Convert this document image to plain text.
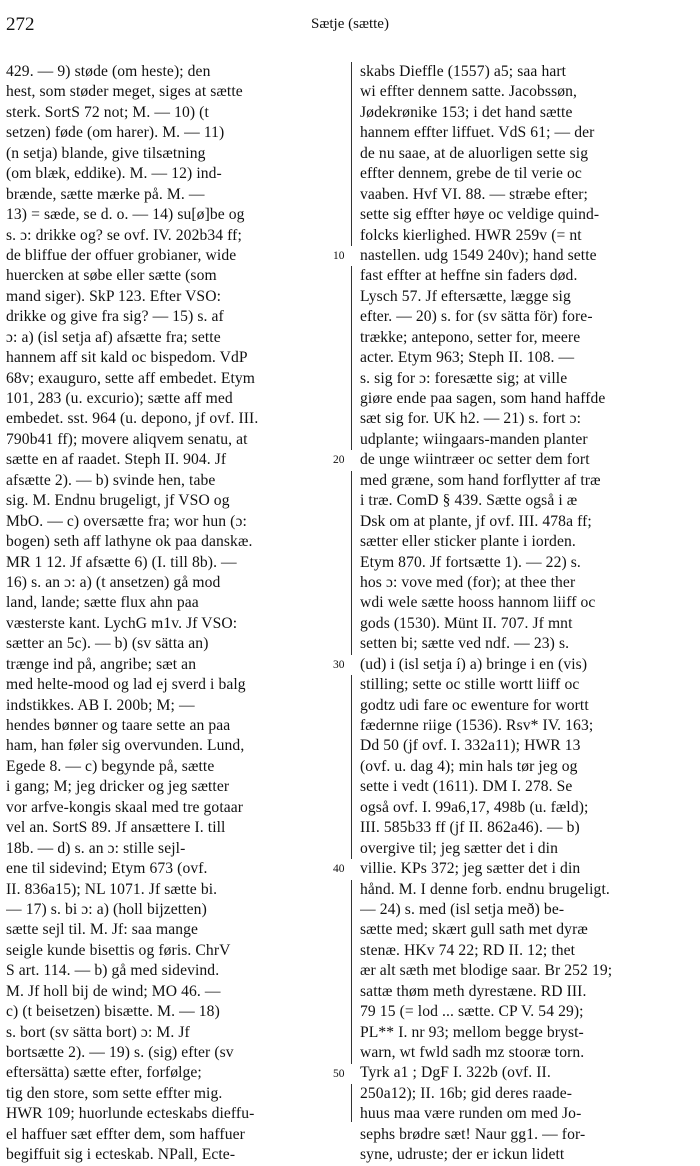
272	Sætje (sætte)
429. — 9) støde (om heste); den
hest, som støder meget, siges at sætte
sterk. SortS 72 not; M. — 10) (t
setzen) føde (om harer). M. — 11)
(n setja) blande, give tilsætning
(om blæk, eddike). M. — 12) ind-
brænde, sætte mærke på. M. —
13) = sæde, se d. o. — 14) su[ø]be og
s. ɔ: drikke og? se ovf. IV. 202b34 ff;
de bliffue der offuer grobianer, wide
huercken at søbe eller sætte (som
mand siger). SkP 123. Efter VSO:
drikke og give fra sig? — 15) s. af
ɔ: a) (isl setja af) afsætte fra; sette
hannem aff sit kald oc bispedom. VdP
68v; exauguro, sette aff embedet. Etym
101, 283 (u. excurio); sætte aff med
embedet. sst. 964 (u. depono, jf ovf. III.
790b41 ff); movere aliqvem senatu, at
sætte en af raadet. Steph II. 904. Jf
afsætte 2). — b) svinde hen, tabe
sig. M. Endnu brugeligt, jf VSO og
MbO. — c) oversætte fra; wor hun (ɔ:
bogen) seth aff lathyne ok paa danskæ.
MR 1 12. Jf afsætte 6) (I. till 8b). —
16) s. an ɔ: a) (t ansetzen) gå mod
land, lande; sætte flux ahn paa
væsterste kant. LychG m1v. Jf VSO:
sætter an 5c). — b) (sv sätta an)
trænge ind på, angribe; sæt an
med helte-mood og lad ej sverd i balg
indstikkes. AB I. 200b; M; —
hendes bønner og taare sette an paa
ham, han føler sig overvunden. Lund,
Egede 8. — c) begynde på, sætte
i gang; M; jeg dricker og jeg sætter
vor arfve-kongis skaal med tre gotaar
vel an. SortS 89. Jf ansættere I. till
18b. — d) s. an ɔ: stille sejl-
ene til sidevind; Etym 673 (ovf.
II. 836a15); NL 1071. Jf sætte bi.
— 17) s. bi ɔ: a) (holl bijzetten)
sætte sejl til. M. Jf: saa mange
seigle kunde bisettis og føris. ChrV
S art. 114. — b) gå med sidevind.
M. Jf holl bij de wind; MO 46. —
c) (t beisetzen) bisætte. M. — 18)
s. bort (sv sätta bort) ɔ: M. Jf
bortsætte 2). — 19) s. (sig) efter (sv
eftersätta) sætte efter, forfølge;
tig den store, som sette effter mig.
HWR 109; huorlunde ecteskabs dieffu-
el haffuer sæt effter dem, som haffuer
begiffuit sig i ecteskab. NPall, Ecte-
skabs Dieffle (1557) a5; saa hart
wi effter dennem satte. Jacobssøn,
Jødekrønike 153; i det hand sætte
hannem effter liffuet. VdS 61; — der
de nu saae, at de aluorligen sette sig
effter dennem, grebe de til verie oc
vaaben. Hvf VI. 88. — stræbe efter;
sette sig effter høye oc veldige quind-
folcks kierlighed. HWR 259v (= nt
nastellen. udg 1549 240v); hand sette
fast effter at heffne sin faders død.
Lysch 57. Jf eftersætte, lægge sig
efter. — 20) s. for (sv sätta för) fore-
trække; antepono, setter for, meere
acter. Etym 963; Steph II. 108. —
s. sig for ɔ: foresætte sig; at ville
giøre ende paa sagen, som hand haffde
sæt sig for. UK h2. — 21) s. fort ɔ:
udplante; wiingaars-manden planter
de unge wiintræer oc setter dem fort
med græne, som hand forflytter af træ
i træ. ComD § 439. Sætte også i æ
Dsk om at plante, jf ovf. III. 478a ff;
sætter eller sticker plante i iorden.
Etym 870. Jf fortsætte 1). — 22) s.
hos ɔ: vove med (for); at thee ther
wdi wele sætte hooss hannom liiff oc
gods (1530). Münt II. 707. Jf mnt
setten bi; sætte ved ndf. — 23) s.
(ud) i (isl setja í) a) bringe i en (vis)
stilling; sette oc stille wortt liiff oc
godtz udi fare oc ewenture for wortt
fædernne riige (1536). Rsv* IV. 163;
Dd 50 (jf ovf. I. 332a11); HWR 13
(ovf. u. dag 4); min hals tør jeg og
sette i vedt (1611). DM I. 278. Se
også ovf. I. 99a6,17, 498b (u. fæld);
III. 585b33 ff (jf II. 862a46). — b)
overgive til; jeg sætter det i din
villie. KPs 372; jeg sætter det i din
hånd. M. I denne forb. endnu brugeligt.
— 24) s. med (isl setja með) be-
sætte med; skært gull sath met dyræ
stenæ. HKv 74 22; RD II. 12; thet
ær alt sæth met blodige saar. Br 252 19;
sattæ thøm meth dyrestæne. RD III.
79 15 (= lod ... sætte. CP V. 54 29);
PL** I. nr 93; mellom begge bryst-
warn, wt fwld sadh mz stooræ torn.
Tyrk a1 ; DgF I. 322b (ovf. II.
250a12); II. 16b; gid deres raade-
huus maa være runden om med Jo-
sephs brødre sæt! Naur gg1. — for-
syne, udruste; der er ickun lidett
10
20
30
40
50
